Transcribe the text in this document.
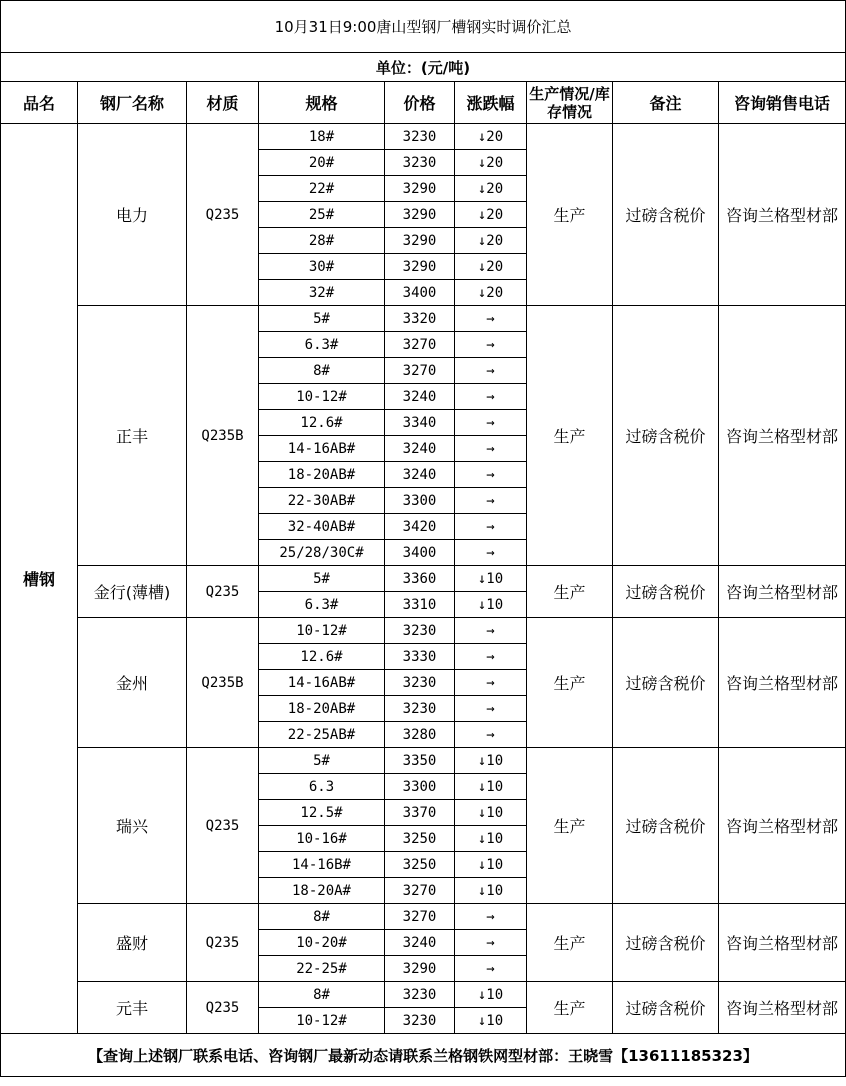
10月31日9:00唐山型钢厂槽钢实时调价汇总								
单位：(元/吨)								
品名	钢厂名称	材质	规格	价格	涨跌幅	生产情况/库存情况	备注	咨询销售电话
槽钢	电力	Q235	18#	3230	↓20	生产	过磅含税价	咨询兰格型材部
			20#	3230	↓20			
			22#	3290	↓20			
			25#	3290	↓20			
			28#	3290	↓20			
			30#	3290	↓20			
			32#	3400	↓20			
	正丰	Q235B	5#	3320	→	生产	过磅含税价	咨询兰格型材部
			6.3#	3270	→			
			8#	3270	→			
			10-12#	3240	→			
			12.6#	3340	→			
			14-16AB#	3240	→			
			18-20AB#	3240	→			
			22-30AB#	3300	→			
			32-40AB#	3420	→			
			25/28/30C#	3400	→			
	金行(薄槽)	Q235	5#	3360	↓10	生产	过磅含税价	咨询兰格型材部
			6.3#	3310	↓10			
	金州	Q235B	10-12#	3230	→	生产	过磅含税价	咨询兰格型材部
			12.6#	3330	→			
			14-16AB#	3230	→			
			18-20AB#	3230	→			
			22-25AB#	3280	→			
	瑞兴	Q235	5#	3350	↓10	生产	过磅含税价	咨询兰格型材部
			6.3	3300	↓10			
			12.5#	3370	↓10			
			10-16#	3250	↓10			
			14-16B#	3250	↓10			
			18-20A#	3270	↓10			
	盛财	Q235	8#	3270	→	生产	过磅含税价	咨询兰格型材部
			10-20#	3240	→			
			22-25#	3290	→			
	元丰	Q235	8#	3230	↓10	生产	过磅含税价	咨询兰格型材部
			10-12#	3230	↓10			
【查询上述钢厂联系电话、咨询钢厂最新动态请联系兰格钢铁网型材部：王晓雪【13611185323】								
